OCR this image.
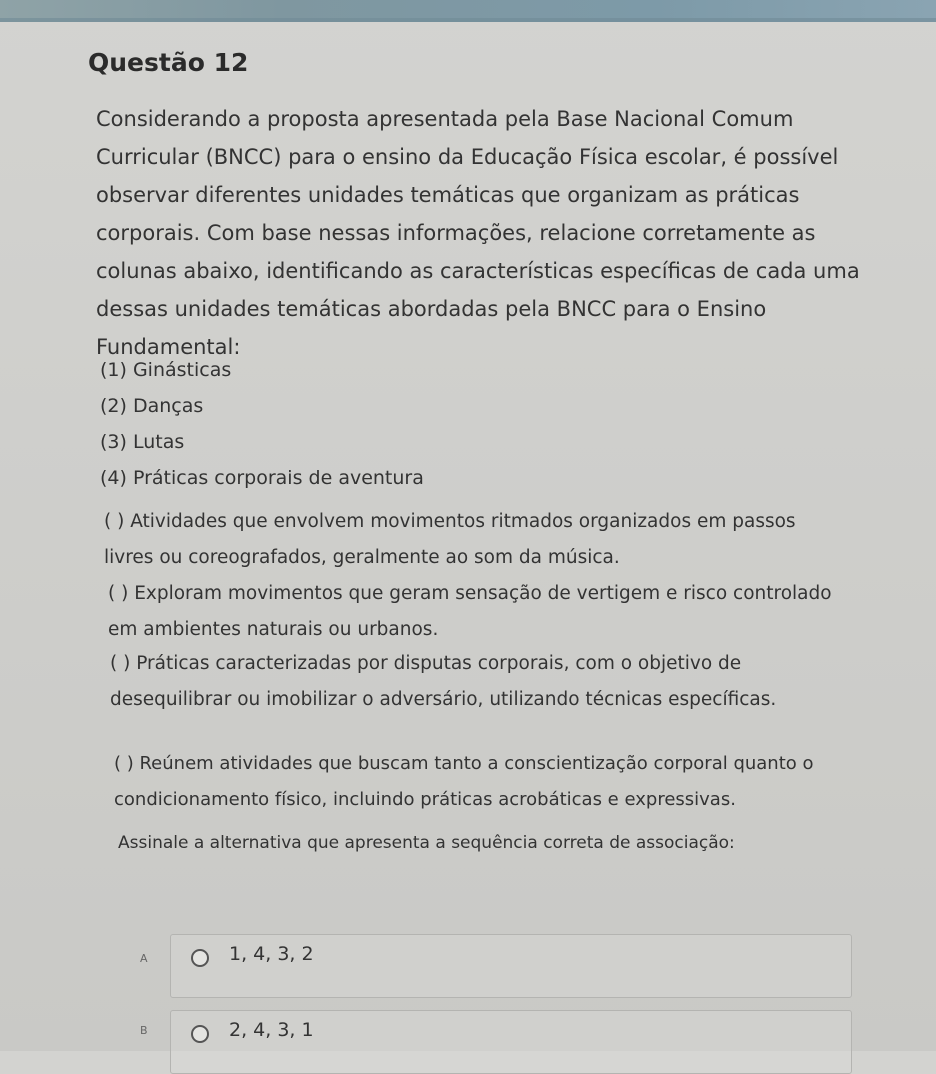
Questão 12

Considerando a proposta apresentada pela Base Nacional Comum Curricular (BNCC) para o ensino da Educação Física escolar, é possível observar diferentes unidades temáticas que organizam as práticas corporais. Com base nessas informações, relacione corretamente as colunas abaixo, identificando as características específicas de cada uma dessas unidades temáticas abordadas pela BNCC para o Ensino Fundamental:

(1) Ginásticas
(2) Danças
(3) Lutas
(4) Práticas corporais de aventura

( ) Atividades que envolvem movimentos ritmados organizados em passos livres ou coreografados, geralmente ao som da música.

( ) Exploram movimentos que geram sensação de vertigem e risco controlado em ambientes naturais ou urbanos.

( ) Práticas caracterizadas por disputas corporais, com o objetivo de desequilibrar ou imobilizar o adversário, utilizando técnicas específicas.

( ) Reúnem atividades que buscam tanto a conscientização corporal quanto o condicionamento físico, incluindo práticas acrobáticas e expressivas.

Assinale a alternativa que apresenta a sequência correta de associação:

A	1, 4, 3, 2
B	2, 4, 3, 1
